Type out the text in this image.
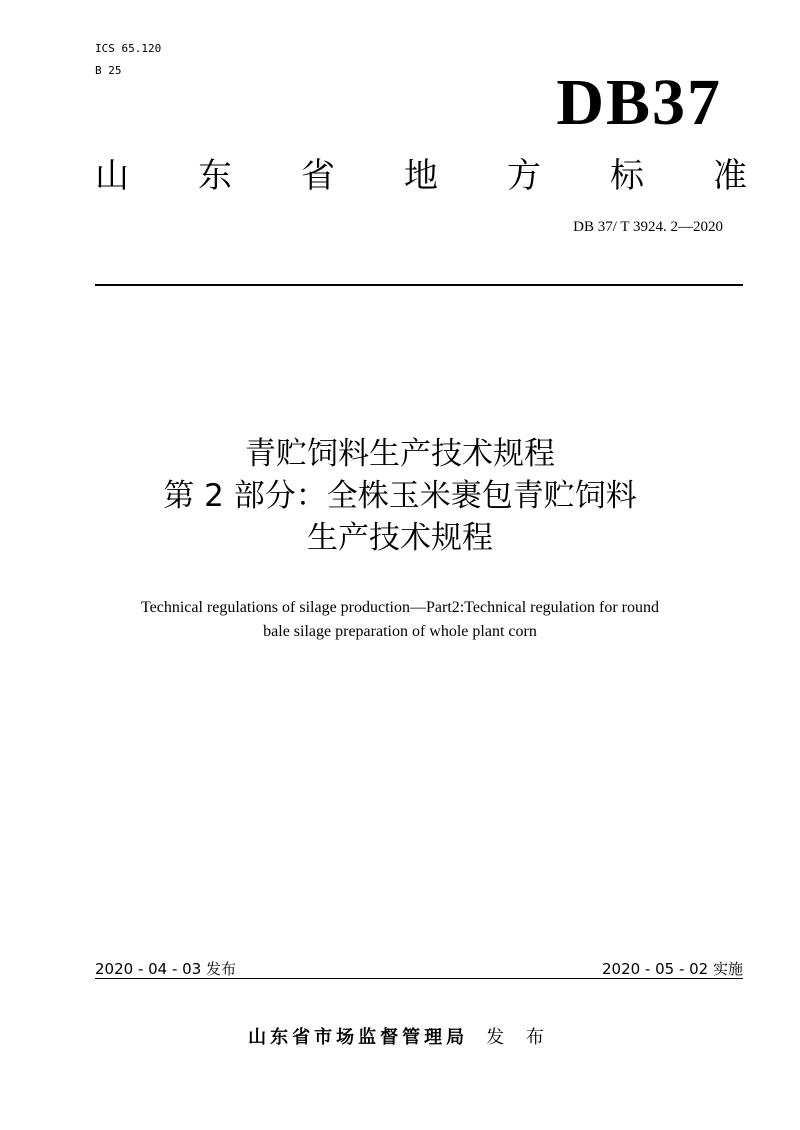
ICS 65.120
B 25	DB37
山 东 省 地 方 标 准
DB 37/ T 3924. 2—2020
青贮饲料生产技术规程
第 2 部分：全株玉米裹包青贮饲料
生产技术规程
Technical regulations of silage production—Part2:Technical regulation for round
bale silage preparation of whole plant corn
2020 - 04 - 03 发布	2020 - 05 - 02 实施
山东省市场监督管理局 发 布
